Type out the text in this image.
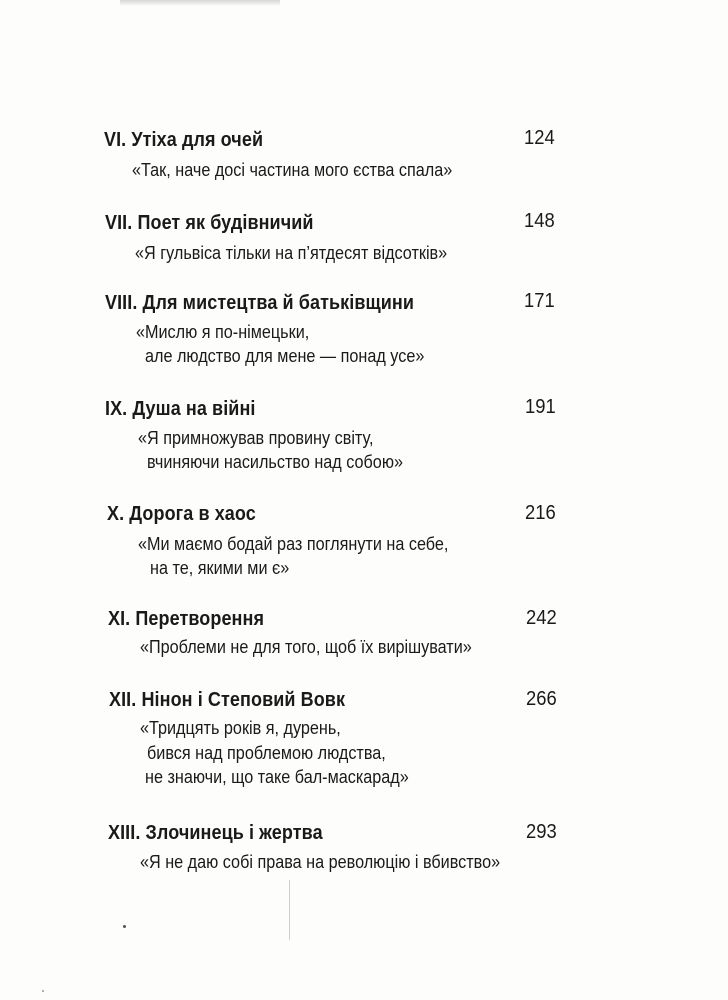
VI. Утіха для очей	124
«Так, наче досі частина мого єства спала»
VII. Поет як будівничий	148
«Я гульвіса тільки на п’ятдесят відсотків»
VIII. Для мистецтва й батьківщини	171
«Мислю я по-німецьки,
але людство для мене — понад усе»
IX. Душа на війні	191
«Я примножував провину світу,
вчиняючи насильство над собою»
X. Дорога в хаос	216
«Ми маємо бодай раз поглянути на себе,
на те, якими ми є»
XI. Перетворення	242
«Проблеми не для того, щоб їх вирішувати»
XII. Нінон і Степовий Вовк	266
«Тридцять років я, дурень,
бився над проблемою людства,
не знаючи, що таке бал-маскарад»
XIII. Злочинець і жертва	293
«Я не даю собі права на революцію і вбивство»
